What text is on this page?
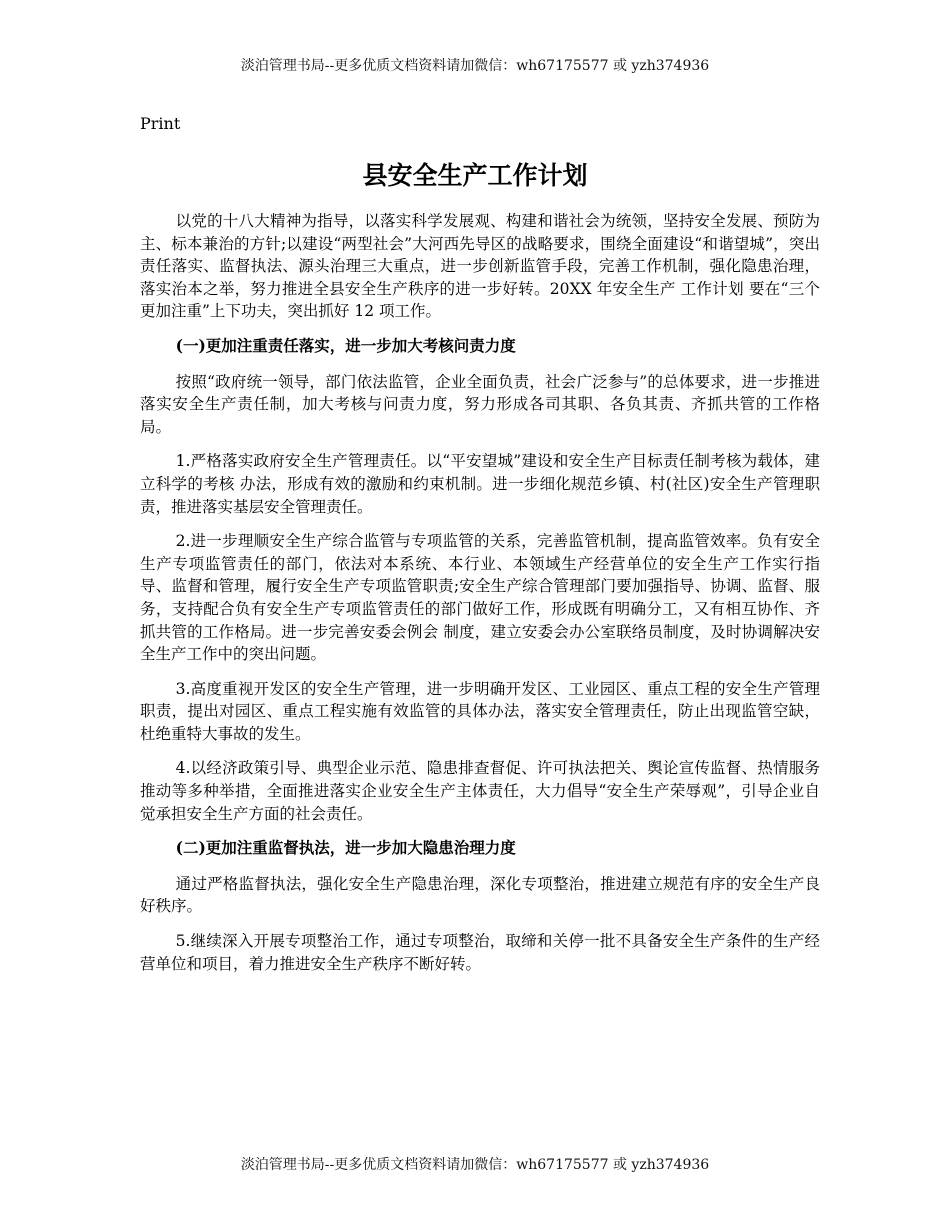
淡泊管理书局--更多优质文档资料请加微信：wh67175577 或 yzh374936
Print
县安全生产工作计划

以党的十八大精神为指导，以落实科学发展观、构建和谐社会为统领，坚持安全发展、预防为主、标本兼治的方针;以建设“两型社会”大河西先导区的战略要求，围绕全面建设“和谐望城”，突出责任落实、监督执法、源头治理三大重点，进一步创新监管手段，完善工作机制，强化隐患治理，落实治本之举，努力推进全县安全生产秩序的进一步好转。20XX 年安全生产 工作计划 要在“三个更加注重”上下功夫，突出抓好 12 项工作。

(一)更加注重责任落实，进一步加大考核问责力度

按照“政府统一领导，部门依法监管，企业全面负责，社会广泛参与”的总体要求，进一步推进落实安全生产责任制，加大考核与问责力度，努力形成各司其职、各负其责、齐抓共管的工作格局。

1.严格落实政府安全生产管理责任。以“平安望城”建设和安全生产目标责任制考核为载体，建立科学的考核 办法，形成有效的激励和约束机制。进一步细化规范乡镇、村(社区)安全生产管理职责，推进落实基层安全管理责任。

2.进一步理顺安全生产综合监管与专项监管的关系，完善监管机制，提高监管效率。负有安全生产专项监管责任的部门，依法对本系统、本行业、本领域生产经营单位的安全生产工作实行指导、监督和管理，履行安全生产专项监管职责;安全生产综合管理部门要加强指导、协调、监督、服务，支持配合负有安全生产专项监管责任的部门做好工作，形成既有明确分工，又有相互协作、齐抓共管的工作格局。进一步完善安委会例会 制度，建立安委会办公室联络员制度，及时协调解决安全生产工作中的突出问题。

3.高度重视开发区的安全生产管理，进一步明确开发区、工业园区、重点工程的安全生产管理职责，提出对园区、重点工程实施有效监管的具体办法，落实安全管理责任，防止出现监管空缺，杜绝重特大事故的发生。

4.以经济政策引导、典型企业示范、隐患排查督促、许可执法把关、舆论宣传监督、热情服务推动等多种举措，全面推进落实企业安全生产主体责任，大力倡导“安全生产荣辱观”，引导企业自觉承担安全生产方面的社会责任。

(二)更加注重监督执法，进一步加大隐患治理力度

通过严格监督执法，强化安全生产隐患治理，深化专项整治，推进建立规范有序的安全生产良好秩序。

5.继续深入开展专项整治工作，通过专项整治，取缔和关停一批不具备安全生产条件的生产经营单位和项目，着力推进安全生产秩序不断好转。

淡泊管理书局--更多优质文档资料请加微信：wh67175577 或 yzh374936
